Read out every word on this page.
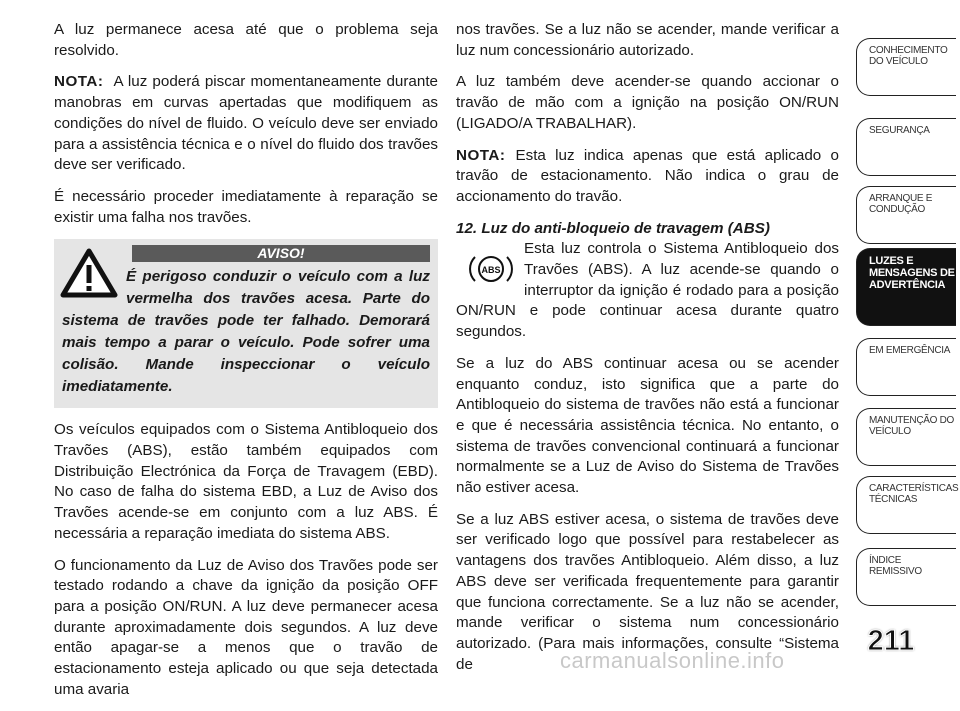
A luz permanece acesa até que o problema seja resolvido.

NOTA: A luz poderá piscar momentaneamente durante manobras em curvas apertadas que modifiquem as condições do nível de fluido. O veículo deve ser enviado para a assistência técnica e o nível do fluido dos travões deve ser verificado.

É necessário proceder imediatamente à reparação se existir uma falha nos travões.

AVISO!
É perigoso conduzir o veículo com a luz vermelha dos travões acesa. Parte do sistema de travões pode ter falhado. Demorará mais tempo a parar o veículo. Pode sofrer uma colisão. Mande inspeccionar o veículo imediatamente.

Os veículos equipados com o Sistema Antibloqueio dos Travões (ABS), estão também equipados com Distribuição Electrónica da Força de Travagem (EBD). No caso de falha do sistema EBD, a Luz de Aviso dos Travões acende-se em conjunto com a luz ABS. É necessária a reparação imediata do sistema ABS.

O funcionamento da Luz de Aviso dos Travões pode ser testado rodando a chave da ignição da posição OFF para a posição ON/RUN. A luz deve permanecer acesa durante aproximadamente dois segundos. A luz deve então apagar-se a menos que o travão de estacionamento esteja aplicado ou que seja detectada uma avaria

nos travões. Se a luz não se acender, mande verificar a luz num concessionário autorizado.

A luz também deve acender-se quando accionar o travão de mão com a ignição na posição ON/RUN (LIGADO/A TRABALHAR).

NOTA: Esta luz indica apenas que está aplicado o travão de estacionamento. Não indica o grau de accionamento do travão.

12. Luz do anti-bloqueio de travagem (ABS)

ABS
Esta luz controla o Sistema Antibloqueio dos Travões (ABS). A luz acende-se quando o interruptor da ignição é rodado para a posição ON/RUN e pode continuar acesa durante quatro segundos.

Se a luz do ABS continuar acesa ou se acender enquanto conduz, isto significa que a parte do Antibloqueio do sistema de travões não está a funcionar e que é necessária assistência técnica. No entanto, o sistema de travões convencional continuará a funcionar normalmente se a Luz de Aviso do Sistema de Travões não estiver acesa.

Se a luz ABS estiver acesa, o sistema de travões deve ser verificado logo que possível para restabelecer as vantagens dos travões Antibloqueio. Além disso, a luz ABS deve ser verificada frequentemente para garantir que funciona correctamente. Se a luz não se acender, mande verificar o sistema num concessionário autorizado. (Para mais informações, consulte “Sistema de

CONHECIMENTO DO VEÍCULO
SEGURANÇA
ARRANQUE E CONDUÇÃO
LUZES E MENSAGENS DE ADVERTÊNCIA
EM EMERGÊNCIA
MANUTENÇÃO DO VEÍCULO
CARACTERÍSTICAS TÉCNICAS
ÍNDICE REMISSIVO
211
carmanualsonline.info
